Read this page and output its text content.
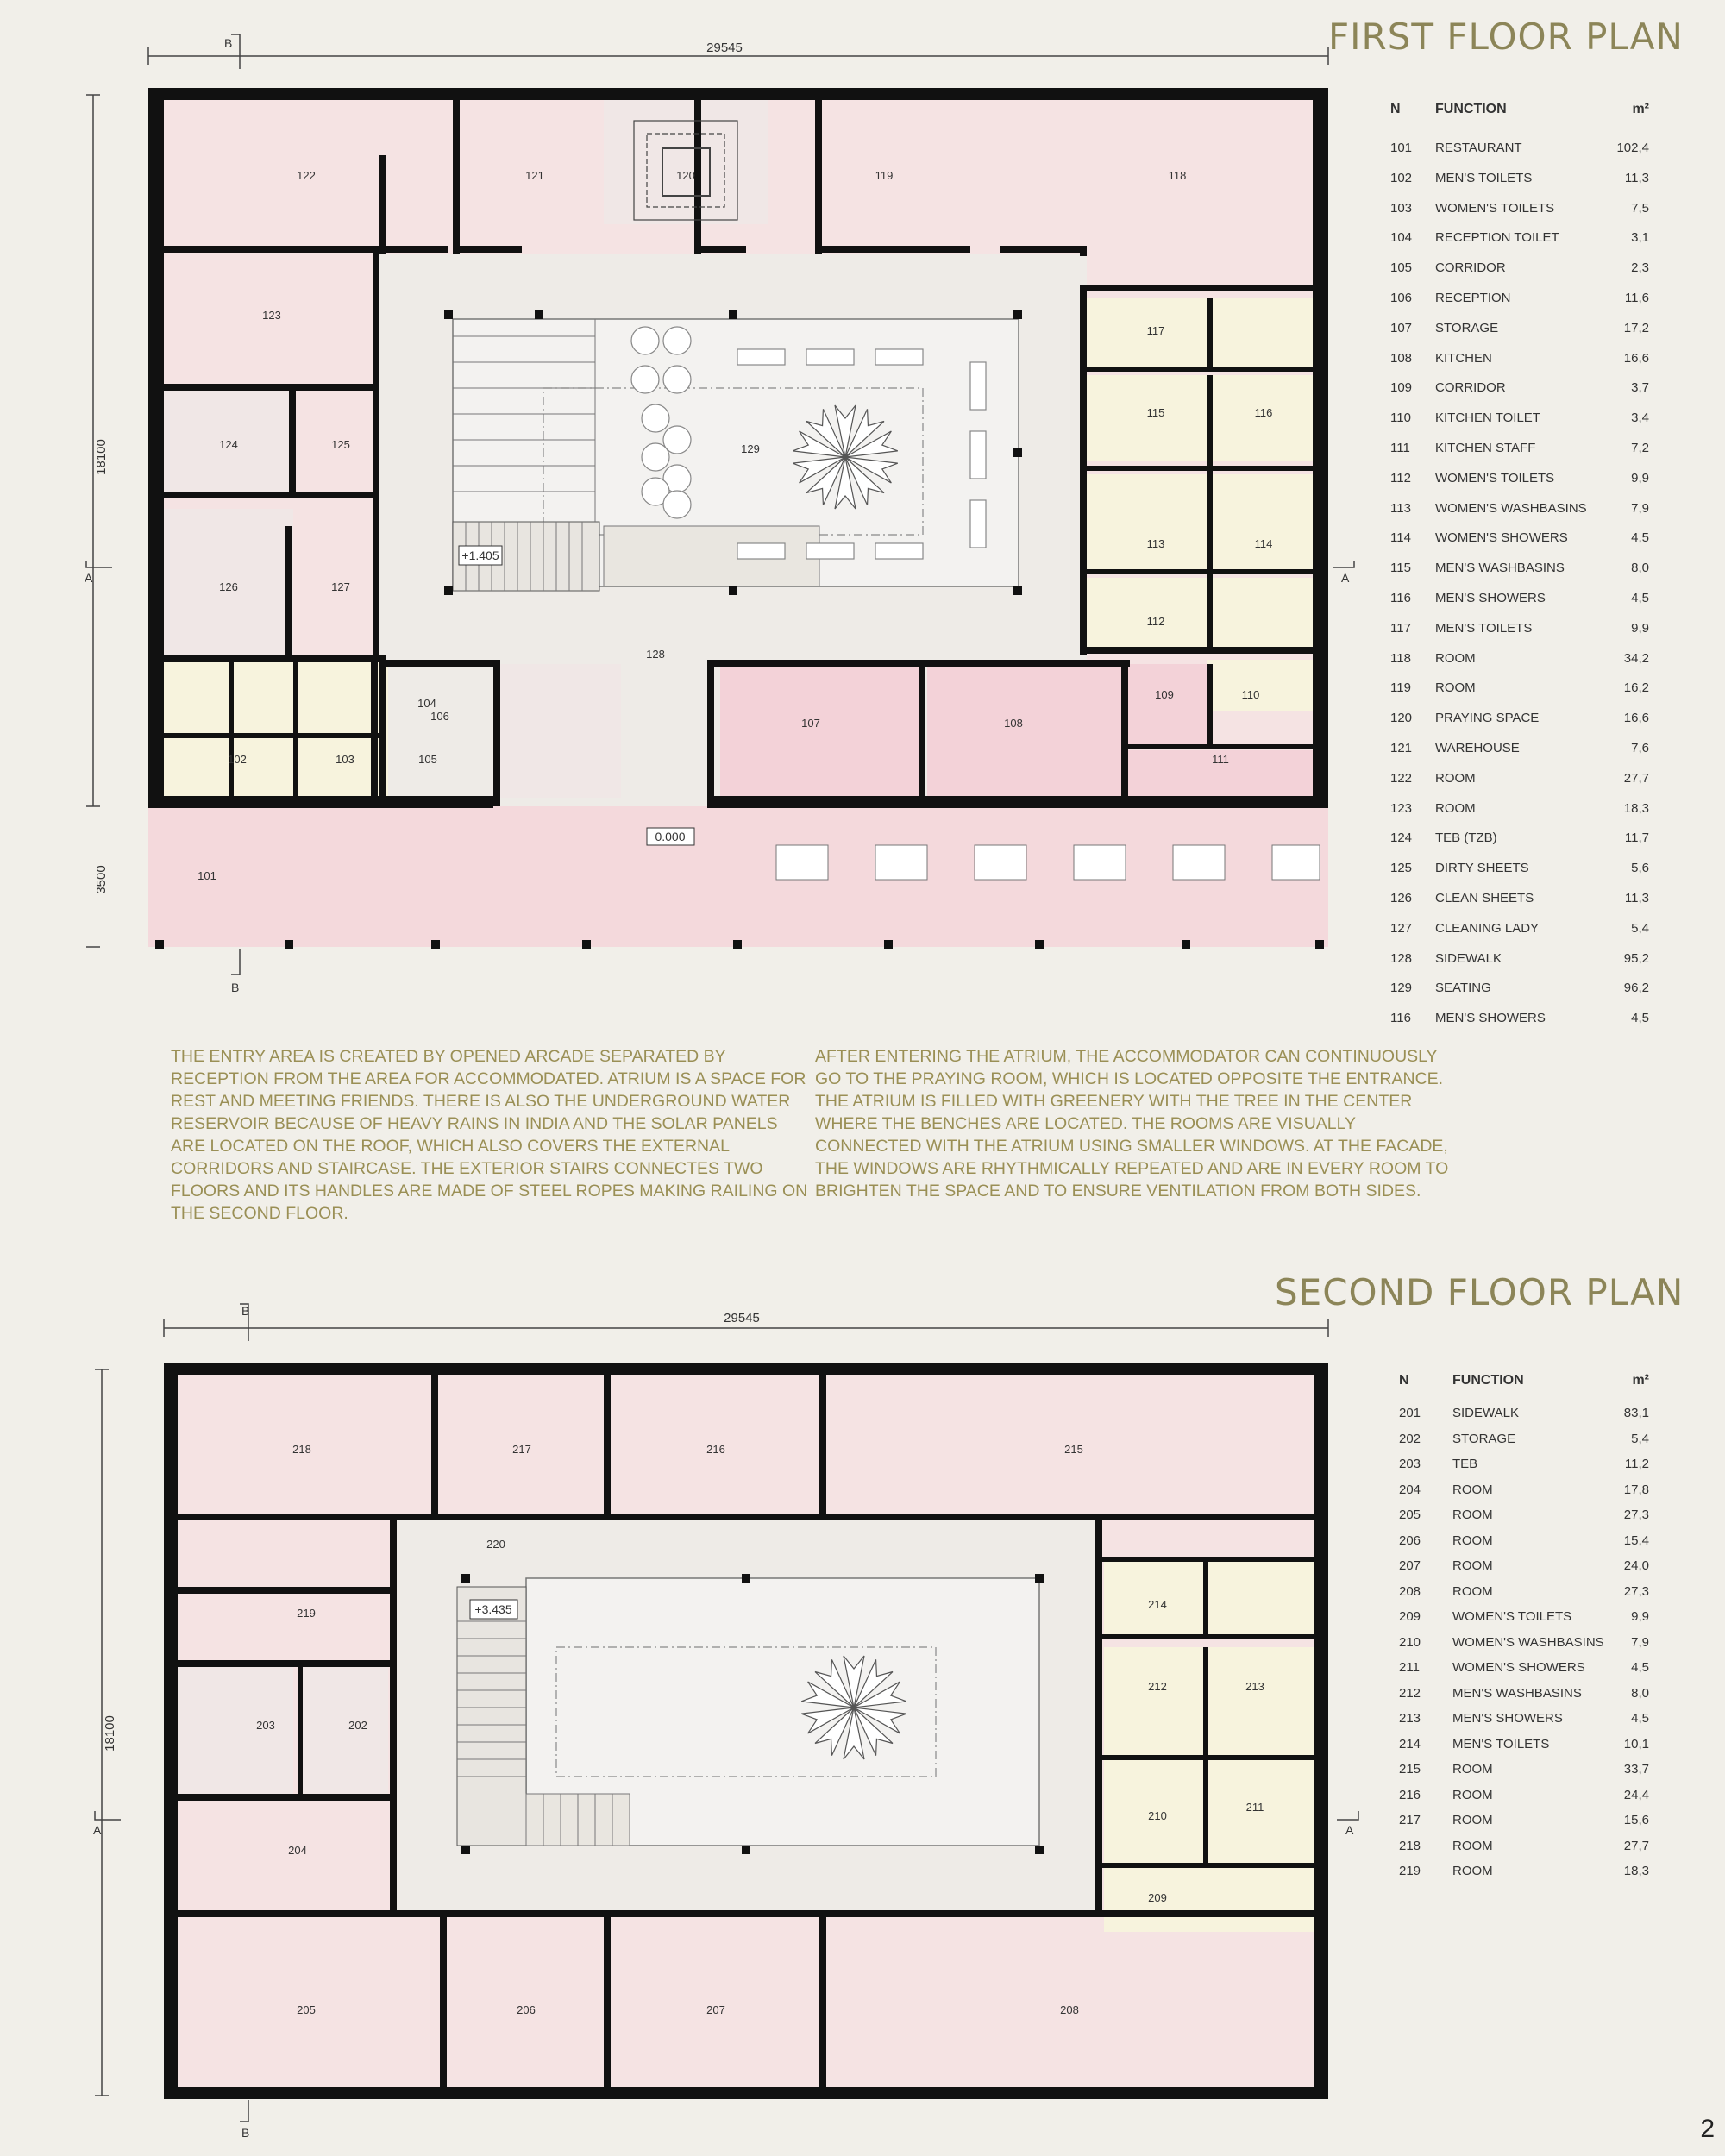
FIRST FLOOR PLAN
29545
18100
3500
B
B
A	A
+1.405
129
0.000
122	121	120	119	118
123
117
124	125
115	116
126	127
113	114
112
128
109	110
107	108
106
104
111
102	103	105
101
N	FUNCTION	m²
101 RESTAURANT	102,4
102 MEN'S TOILETS	11,3
103 WOMEN'S TOILETS	7,5
104 RECEPTION TOILET	3,1
105 CORRIDOR	2,3
106 RECEPTION	11,6
107 STORAGE	17,2
108 KITCHEN	16,6
109 CORRIDOR	3,7
110 KITCHEN TOILET	3,4
111 KITCHEN STAFF	7,2
112 WOMEN'S TOILETS	9,9
113 WOMEN'S WASHBASINS	7,9
114 WOMEN'S SHOWERS	4,5
115 MEN'S WASHBASINS	8,0
116 MEN'S SHOWERS	4,5
117 MEN'S TOILETS	9,9
118 ROOM	34,2
119 ROOM	16,2
120 PRAYING SPACE	16,6
121 WAREHOUSE	7,6
122 ROOM	27,7
123 ROOM	18,3
124 TEB (TZB)	11,7
125 DIRTY SHEETS	5,6
126 CLEAN SHEETS	11,3
127 CLEANING LADY	5,4
128 SIDEWALK	95,2
129 SEATING	96,2
116 MEN'S SHOWERS	4,5
THE ENTRY AREA IS CREATED BY OPENED ARCADE SEPARATED BY RECEPTION FROM THE AREA FOR ACCOMMODATED. ATRIUM IS A SPACE FOR REST AND MEETING FRIENDS. THERE IS ALSO THE UNDERGROUND WATER RESERVOIR BECAUSE OF HEAVY RAINS IN INDIA AND THE SOLAR PANELS ARE LOCATED ON THE ROOF, WHICH ALSO COVERS THE EXTERNAL CORRIDORS AND STAIRCASE. THE EXTERIOR STAIRS CONNECTES TWO FLOORS AND ITS HANDLES ARE MADE OF STEEL ROPES MAKING RAILING ON THE SECOND FLOOR.
AFTER ENTERING THE ATRIUM, THE ACCOMMODATOR CAN CONTINUOUSLY GO TO THE PRAYING ROOM, WHICH IS LOCATED OPPOSITE THE ENTRANCE. THE ATRIUM IS FILLED WITH GREENERY WITH THE TREE IN THE CENTER WHERE THE BENCHES ARE LOCATED. THE ROOMS ARE VISUALLY CONNECTED WITH THE ATRIUM USING SMALLER WINDOWS. AT THE FACADE, THE WINDOWS ARE RHYTHMICALLY REPEATED AND ARE IN EVERY ROOM TO BRIGHTEN THE SPACE AND TO ENSURE VENTILATION FROM BOTH SIDES.
SECOND FLOOR PLAN
29545
18100
B
B
A	A
+3.435
218	217	216	215
220
219
214
212	213
203	202
211
210
204
209
205	206	207	208
N	FUNCTION	m²
201 SIDEWALK	83,1
202 STORAGE	5,4
203 TEB	11,2
204 ROOM	17,8
205 ROOM	27,3
206 ROOM	15,4
207 ROOM	24,0
208 ROOM	27,3
209 WOMEN'S TOILETS	9,9
210 WOMEN'S WASHBASINS	7,9
211	WOMEN'S SHOWERS	4,5
212 MEN'S WASHBASINS	8,0
213 MEN'S SHOWERS	4,5
214 MEN'S TOILETS	10,1
215 ROOM	33,7
216 ROOM	24,4
217 ROOM	15,6
218 ROOM	27,7
219 ROOM	18,3
2
